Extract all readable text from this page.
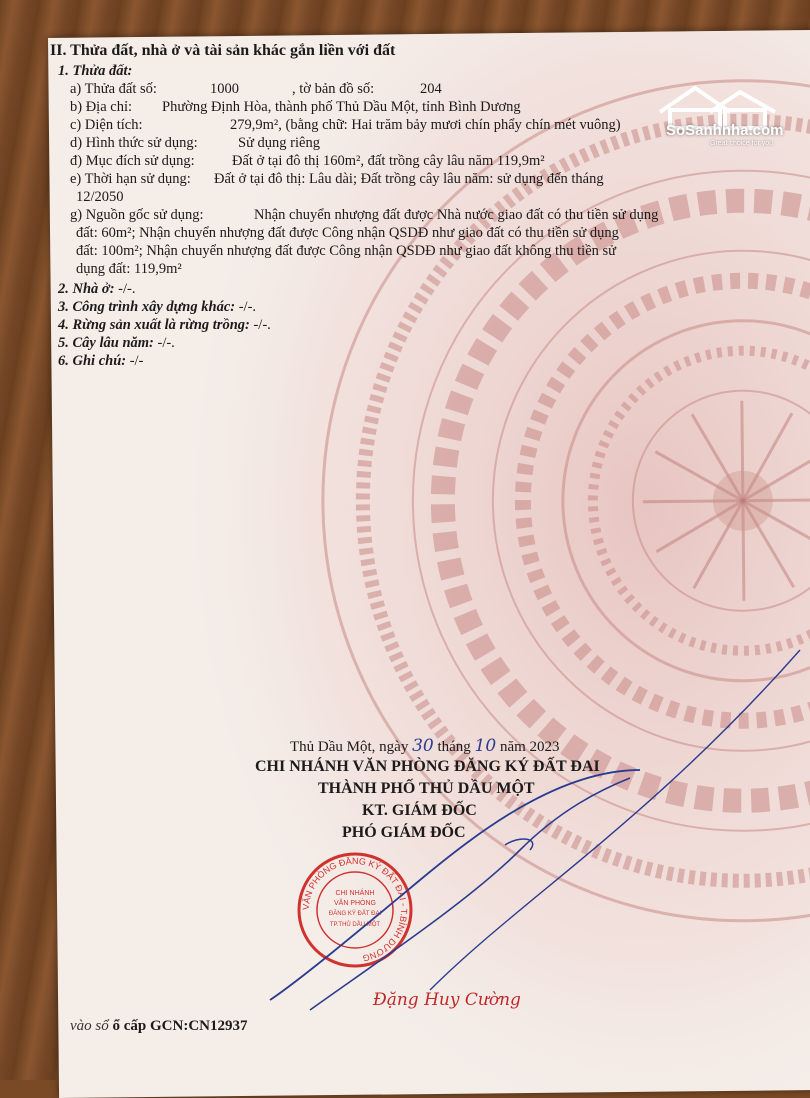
SoSanhnha.com
Great choice for you
II. Thửa đất, nhà ở và tài sản khác gắn liền với đất
1. Thửa đất:
a) Thửa đất số:	1000	, tờ bản đồ số:	204
b) Địa chỉ:	Phường Định Hòa, thành phố Thủ Dầu Một, tỉnh Bình Dương
c) Diện tích:	279,9m², (bằng chữ: Hai trăm bảy mươi chín phẩy chín mét vuông)
d) Hình thức sử dụng:	Sử dụng riêng
đ) Mục đích sử dụng:	Đất ở tại đô thị 160m², đất trồng cây lâu năm 119,9m²
e) Thời hạn sử dụng:	Đất ở tại đô thị: Lâu dài; Đất trồng cây lâu năm: sử dụng đến tháng
12/2050
g) Nguồn gốc sử dụng:	Nhận chuyển nhượng đất được Nhà nước giao đất có thu tiền sử dụng
đất: 60m²; Nhận chuyển nhượng đất được Công nhận QSDĐ như giao đất có thu tiền sử dụng
đất: 100m²; Nhận chuyển nhượng đất được Công nhận QSDĐ như giao đất không thu tiền sử
dụng đất: 119,9m²
2. Nhà ở: -/-.
3. Công trình xây dựng khác: -/-.
4. Rừng sản xuất là rừng trồng: -/-.
5. Cây lâu năm: -/-.
6. Ghi chú: -/-
Thủ Dầu Một, ngày 30 tháng 10 năm 2023
CHI NHÁNH VĂN PHÒNG ĐĂNG KÝ ĐẤT ĐAI
THÀNH PHỐ THỦ DẦU MỘT
KT. GIÁM ĐỐC
PHÓ GIÁM ĐỐC
VĂN PHÒNG ĐĂNG KÝ ĐẤT ĐAI - T.BÌNH DƯƠNG
CHI NHÁNH
VĂN PHÒNG
ĐĂNG KÝ ĐẤT ĐAI
TP.THỦ DẦU MỘT
Đặng Huy Cường
vào sổ ổ cấp GCN:CN12937
